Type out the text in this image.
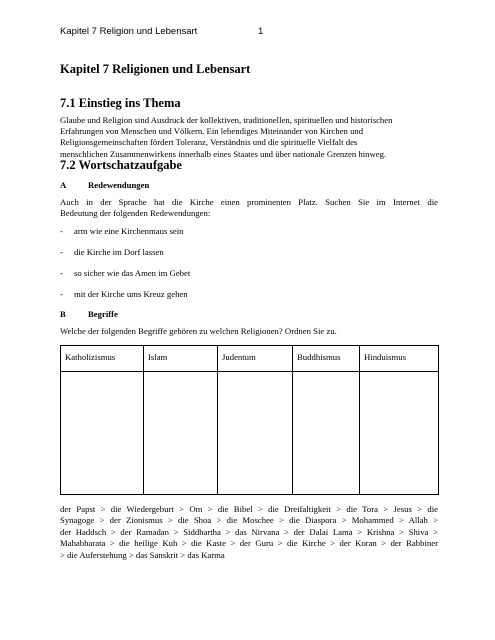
Kapitel 7 Religion und Lebensart	1
Kapitel 7 Religionen und Lebensart
7.1 Einstieg ins Thema
Glaube und Religion sind Ausdruck der kollektiven, traditionellen, spirituellen und historischen
Erfahrungen von Menschen und Völkern. Ein lebendiges Miteinander von Kirchen und
Religionsgemeinschaften fördert Toleranz, Verständnis und die spirituelle Vielfalt des
menschlichen Zusammenwirkens innerhalb eines Staates und über nationale Grenzen hinweg.
7.2 Wortschatzaufgabe
A Redewendungen
Auch in der Sprache hat die Kirche einen prominenten Platz. Suchen Sie im Internet die
Bedeutung der folgenden Redewendungen:
- arm wie eine Kirchenmaus sein
- die Kirche im Dorf lassen
- so sicher wie das Amen im Gebet
- mit der Kirche ums Kreuz gehen
B	Begriffe
Welche der folgenden Begriffe gehören zu welchen Religionen? Ordnen Sie zu.
Katholizismus	Islam	Judentum	Buddhismus	Hinduismus

der Papst > die Wiedergeburt > Om > die Bibel > die Dreifaltigkeit > die Tora > Jesus > die
Synagoge > der Zionismus > die Shoa > die Moschee > die Diaspora > Mohammed > Allah >
der Haddsch > der Ramadan > Siddhartha > das Nirvana > der Dalai Lama > Krishna > Shiva >
Mahabharata > die heilige Kuh > die Kaste > der Guru > die Kirche > der Koran > der Rabbiner
> die Auferstehung > das Sanskrit > das Karma
